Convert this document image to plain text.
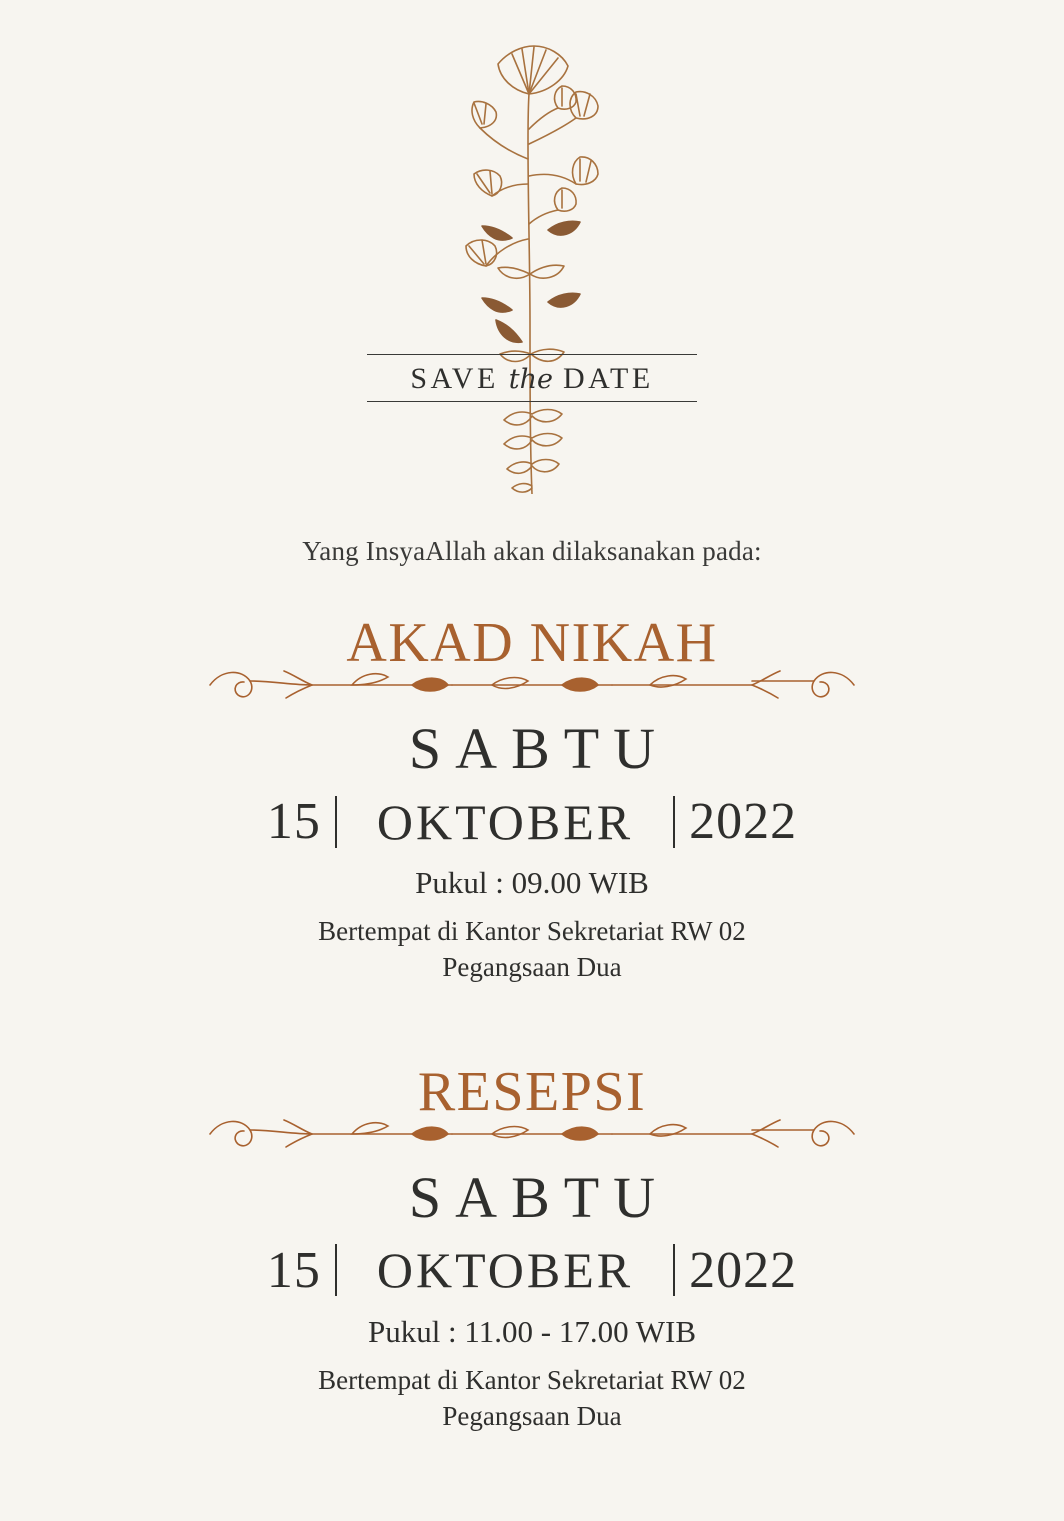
SAVE the DATE
Yang InsyaAllah akan dilaksanakan pada:
AKAD NIKAH
SABTU
15	OKTOBER	2022
Pukul : 09.00 WIB
Bertempat di Kantor Sekretariat RW 02
Pegangsaan Dua
RESEPSI
SABTU
15	OKTOBER	2022
Pukul : 11.00 - 17.00 WIB
Bertempat di Kantor Sekretariat RW 02
Pegangsaan Dua
